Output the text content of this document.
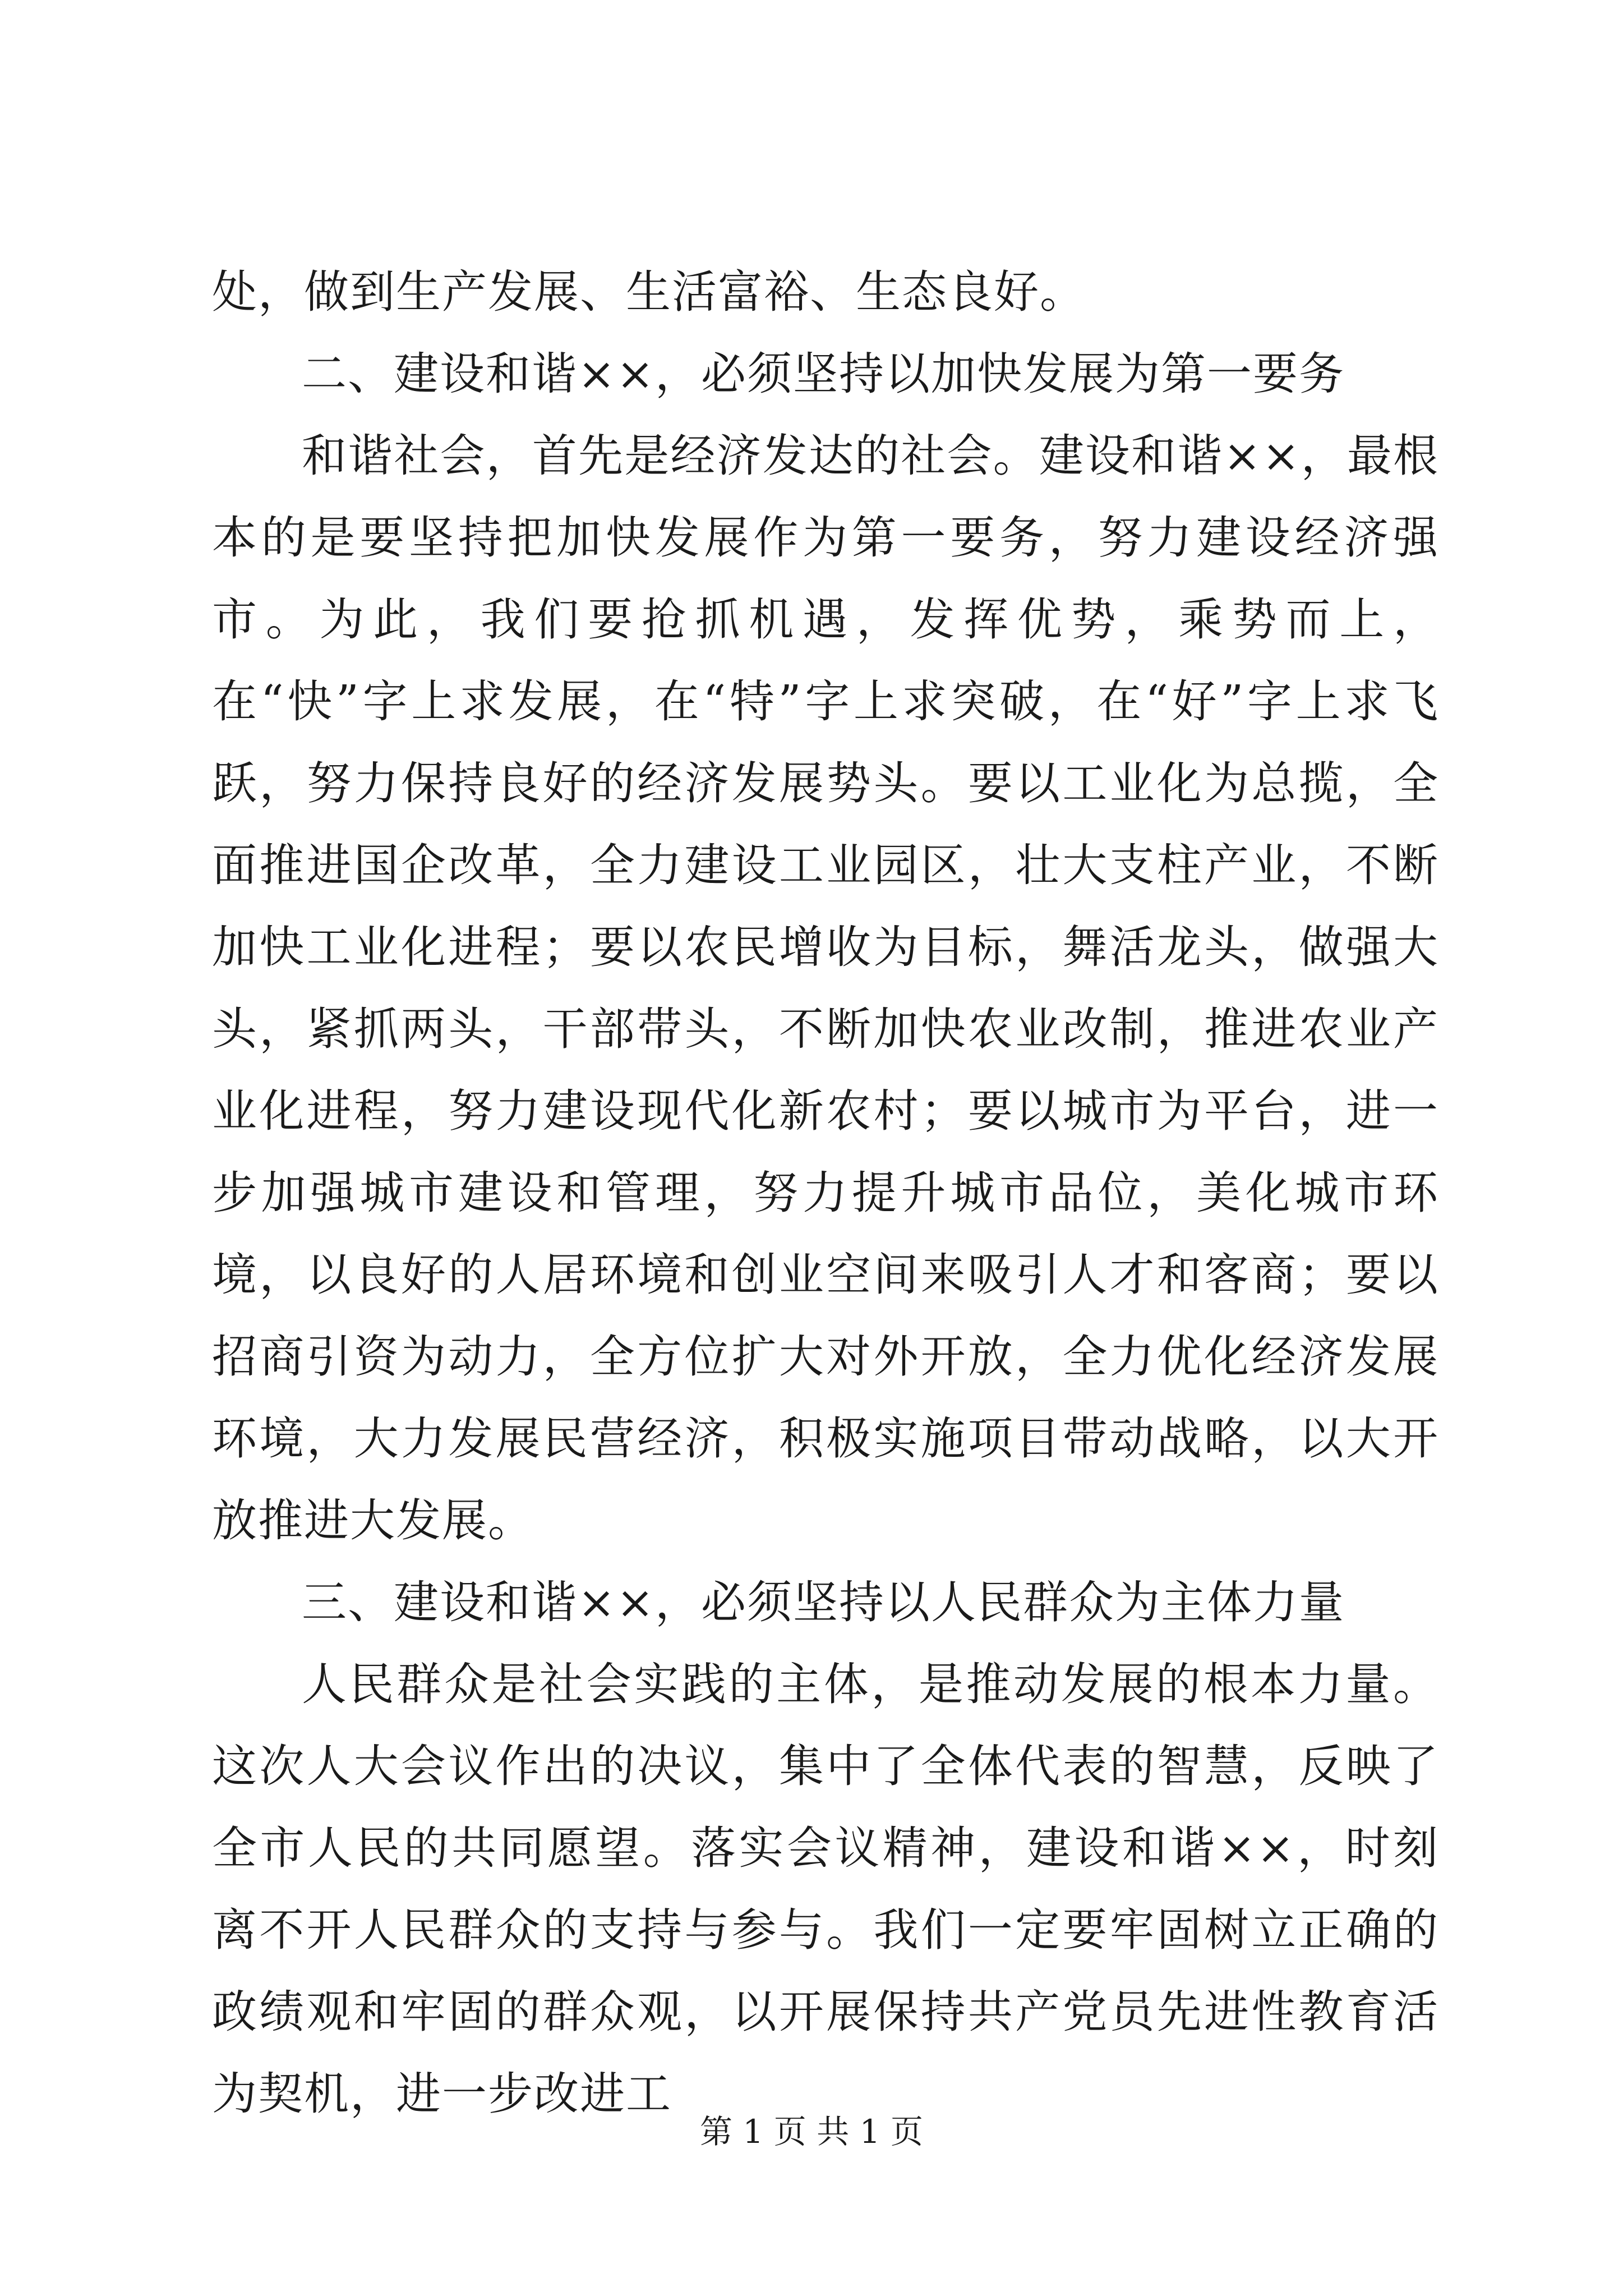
处，做到生产发展、生活富裕、生态良好。

二、建设和谐××，必须坚持以加快发展为第一要务

和谐社会，首先是经济发达的社会。建设和谐××，最根本的是要坚持把加快发展作为第一要务，努力建设经济强市。为此，我们要抢抓机遇，发挥优势，乘势而上，在“快”字上求发展，在“特”字上求突破，在“好”字上求飞跃，努力保持良好的经济发展势头。要以工业化为总揽，全面推进国企改革，全力建设工业园区，壮大支柱产业，不断加快工业化进程；要以农民增收为目标，舞活龙头，做强大头，紧抓两头，干部带头，不断加快农业改制，推进农业产业化进程，努力建设现代化新农村；要以城市为平台，进一步加强城市建设和管理，努力提升城市品位，美化城市环境，以良好的人居环境和创业空间来吸引人才和客商；要以招商引资为动力，全方位扩大对外开放，全力优化经济发展环境，大力发展民营经济，积极实施项目带动战略，以大开放推进大发展。

三、建设和谐××，必须坚持以人民群众为主体力量

人民群众是社会实践的主体，是推动发展的根本力量。这次人大会议作出的决议，集中了全体代表的智慧，反映了全市人民的共同愿望。落实会议精神，建设和谐××，时刻离不开人民群众的支持与参与。我们一定要牢固树立正确的政绩观和牢固的群众观，以开展保持共产党员先进性教育活为契机，进一步改进工

第 1 页 共 1 页
